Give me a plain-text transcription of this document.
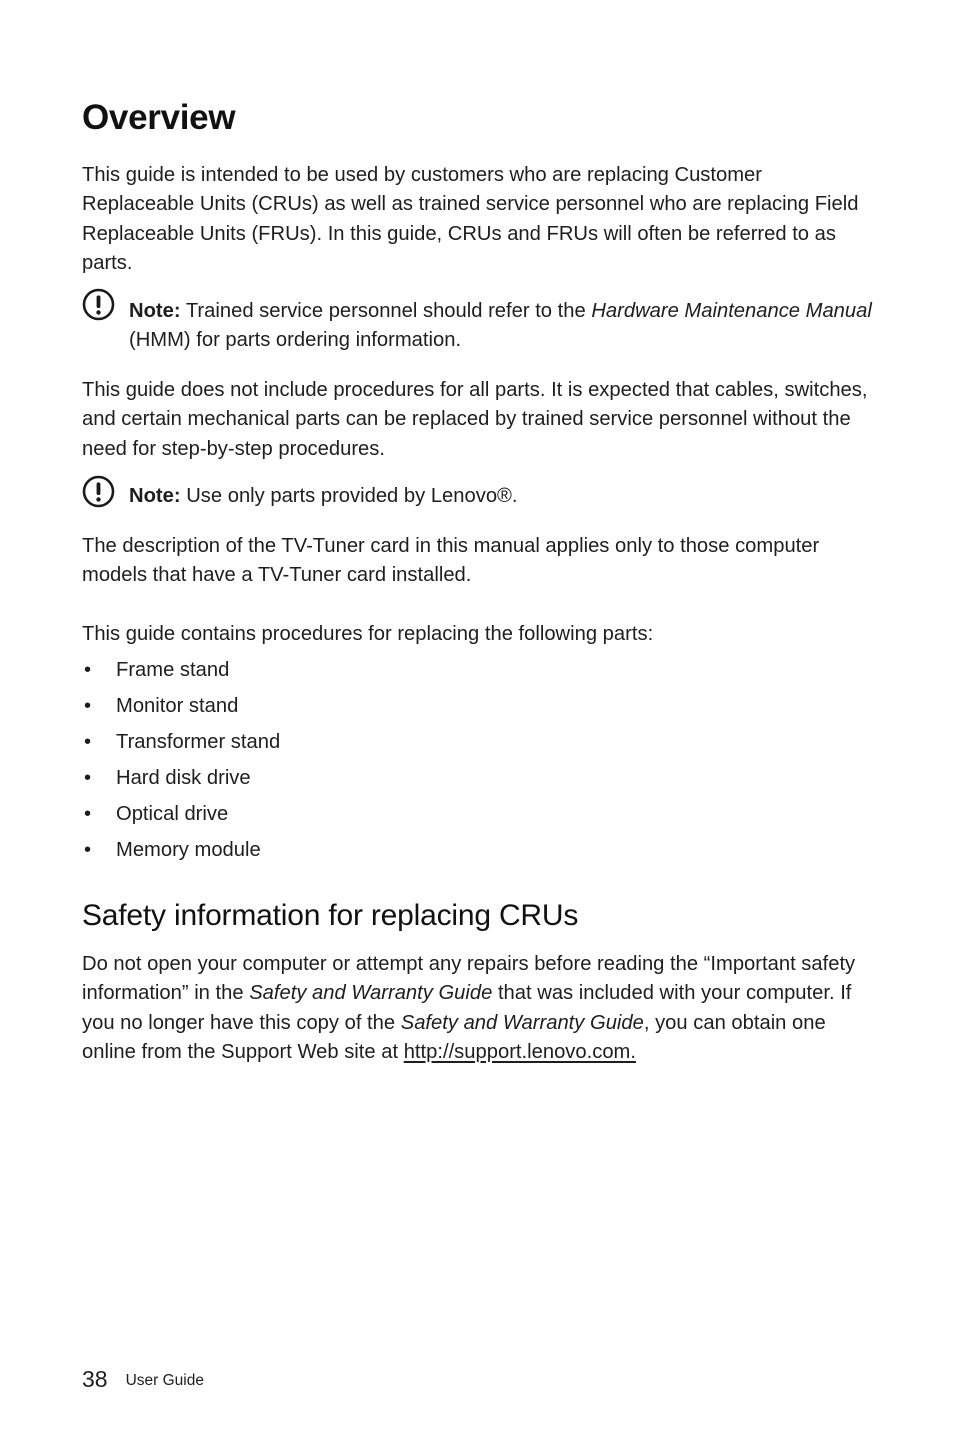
Overview

This guide is intended to be used by customers who are replacing Customer Replaceable Units (CRUs) as well as trained service personnel who are replacing Field Replaceable Units (FRUs). In this guide, CRUs and FRUs will often be referred to as parts.

Note: Trained service personnel should refer to the Hardware Maintenance Manual (HMM) for parts ordering information.

This guide does not include procedures for all parts. It is expected that cables, switches, and certain mechanical parts can be replaced by trained service personnel without the need for step-by-step procedures.

Note: Use only parts provided by Lenovo®.

The description of the TV-Tuner card in this manual applies only to those computer models that have a TV-Tuner card installed.

This guide contains procedures for replacing the following parts:

• Frame stand
• Monitor stand
• Transformer stand
• Hard disk drive
• Optical drive
• Memory module
Safety information for replacing CRUs

Do not open your computer or attempt any repairs before reading the “Important safety information” in the Safety and Warranty Guide that was included with your computer. If you no longer have this copy of the Safety and Warranty Guide, you can obtain one online from the Support Web site at http://support.lenovo.com.

38 User Guide
